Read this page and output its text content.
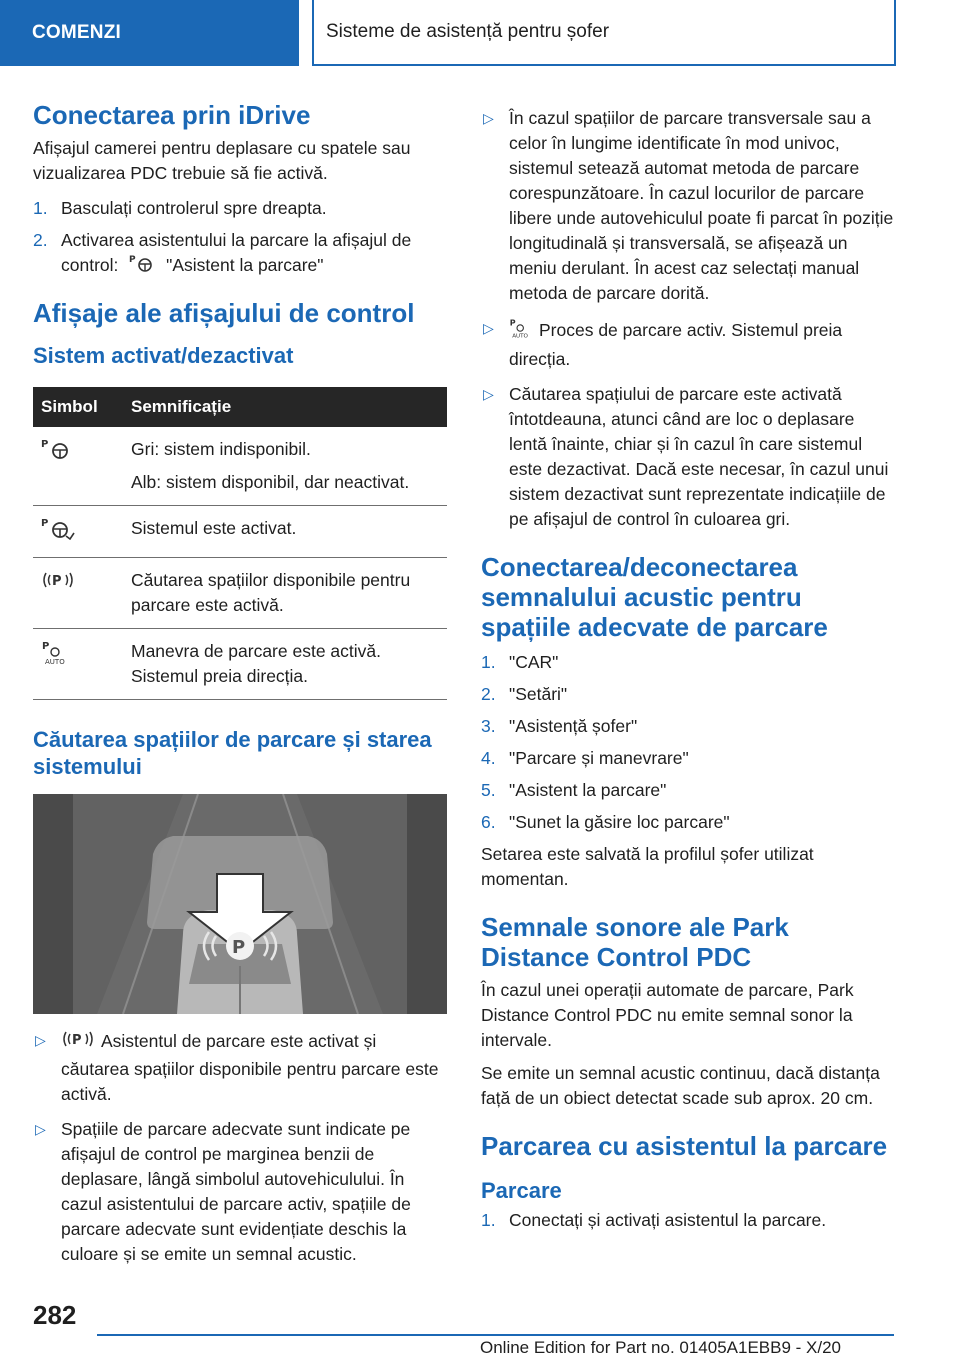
COMENZI	Sisteme de asistență pentru șofer
Conectarea prin iDrive

Afișajul camerei pentru deplasare cu spatele sau vizualizarea PDC trebuie să fie activă.

1. Basculați controlerul spre dreapta.
2. Activarea asistentului la parcare la afișajul de control: P "Asistent la parcare"
Afișaje ale afișajului de control
Sistem activat/dezactivat
Simbol	Semnificație

P	Gri: sistem indisponibil.
Alb: sistem disponibil, dar neactivat.

P	Sistemul este activat.

P	Căutarea spațiilor disponibile pentru parcare este activă.

P
AUTO	Manevra de parcare este activă. Sistemul preia direcția.
Căutarea spațiilor de parcare și starea sistemului
P
▷ P Asistentul de parcare este activat și căutarea spațiilor disponibile pentru parcare este activă.
▷ Spațiile de parcare adecvate sunt indicate pe afișajul de control pe marginea benzii de deplasare, lângă simbolul autovehiculului. În cazul asistentului de parcare activ, spațiile de parcare adecvate sunt evidențiate deschis la culoare și se emite un semnal acustic.
▷ În cazul spațiilor de parcare transversale sau a celor în lungime identificate în mod univoc, sistemul setează automat metoda de parcare corespunzătoare. În cazul locurilor de parcare libere unde autovehiculul poate fi parcat în poziție longitudinală și transversală, se afișează un meniu derulant. În acest caz selectați manual metoda de parcare dorită.
▷ P
AUTO Proces de parcare activ. Sistemul preia direcția.
▷ Căutarea spațiului de parcare este activată întotdeauna, atunci când are loc o deplasare lentă înainte, chiar și în cazul în care sistemul este dezactivat. Dacă este necesar, în cazul unui sistem dezactivat sunt reprezentate indicațiile de pe afișajul de control în culoarea gri.
Conectarea/deconectarea semnalului acustic pentru spațiile adecvate de parcare
1. "CAR"
2. "Setări"
3. "Asistență șofer"
4. "Parcare și manevrare"
5. "Asistent la parcare"
6. "Sunet la găsire loc parcare"

Setarea este salvată la profilul șofer utilizat momentan.

Semnale sonore ale Park Distance Control PDC

În cazul unei operații automate de parcare, Park Distance Control PDC nu emite semnal sonor la intervale.

Se emite un semnal acustic continuu, dacă distanța față de un obiect detectat scade sub aprox. 20 cm.

Parcarea cu asistentul la parcare
Parcare
1. Conectați și activați asistentul la parcare.
282
Online Edition for Part no. 01405A1EBB9 - X/20
